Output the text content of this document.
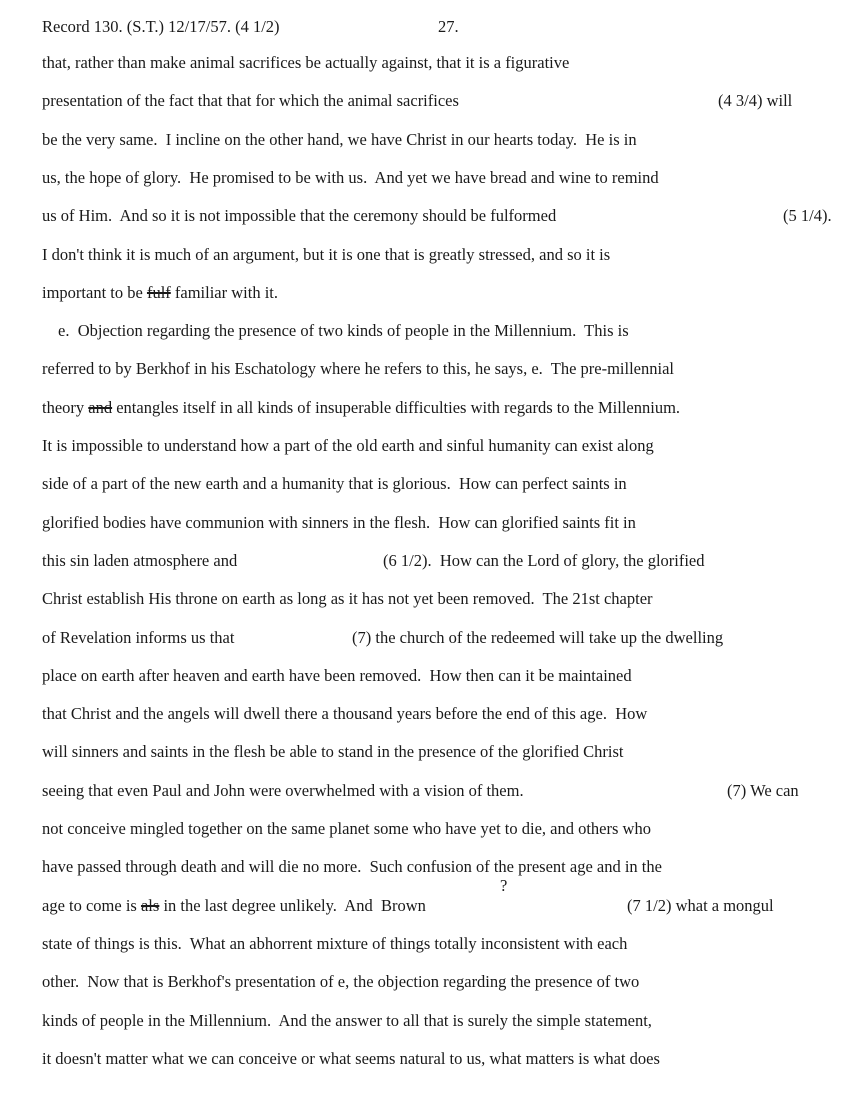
Record 130. (S.T.) 12/17/57. (4 1/2)

	27.

that, rather than make animal sacrifices be actually against, that it is a figurative
presentation of the fact that that for which the animal sacrifices	(4 3/4) will
be the very same.  I incline on the other hand, we have Christ in our hearts today.  He is in
us, the hope of glory.  He promised to be with us.  And yet we have bread and wine to remind
us of Him.  And so it is not impossible that the ceremony should be fulformed	(5 1/4).
I don't think it is much of an argument, but it is one that is greatly stressed, and so it is
important to be fulf familiar with it.
e.  Objection regarding the presence of two kinds of people in the Millennium.  This is
referred to by Berkhof in his Eschatology where he refers to this, he says, e.  The pre-millennial
theory and entangles itself in all kinds of insuperable difficulties with regards to the Millennium.
It is impossible to understand how a part of the old earth and sinful humanity can exist along
side of a part of the new earth and a humanity that is glorious.  How can perfect saints in
glorified bodies have communion with sinners in the flesh.  How can glorified saints fit in
this sin laden atmosphere and	(6 1/2).  How can the Lord of glory, the glorified
Christ establish His throne on earth as long as it has not yet been removed.  The 21st chapter
of Revelation informs us that	(7) the church of the redeemed will take up the dwelling
place on earth after heaven and earth have been removed.  How then can it be maintained
that Christ and the angels will dwell there a thousand years before the end of this age.  How
will sinners and saints in the flesh be able to stand in the presence of the glorified Christ
seeing that even Paul and John were overwhelmed with a vision of them.	(7) We can
not conceive mingled together on the same planet some who have yet to die, and others who
have passed through death and will die no more.  Such confusion of the present age and in the
age to come is als in the last degree unlikely.  And  Brown	(7 1/2) what a mongul
state of things is this.  What an abhorrent mixture of things totally inconsistent with each
other.  Now that is Berkhof's presentation of e, the objection regarding the presence of two
kinds of people in the Millennium.  And the answer to all that is surely the simple statement,
it doesn't matter what we can conceive or what seems natural to us, what matters is what does
?
